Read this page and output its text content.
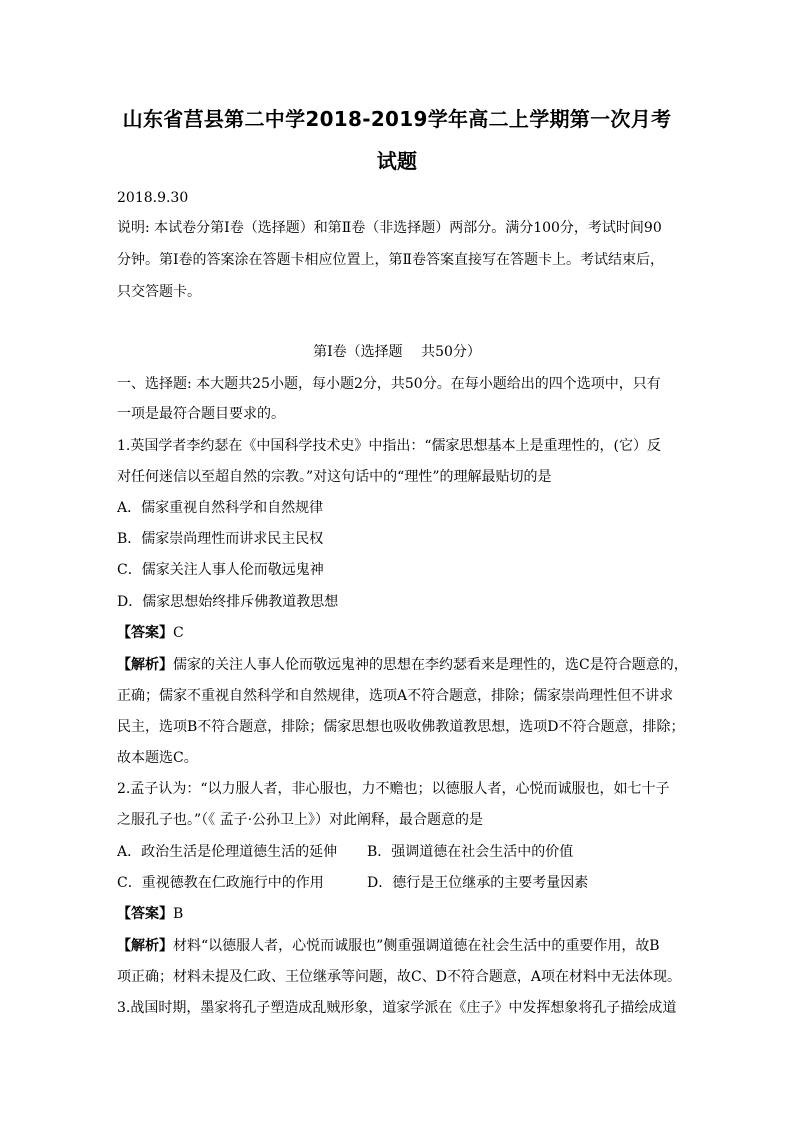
山东省莒县第二中学2018-2019学年高二上学期第一次月考
试题
2018.9.30
说明: 本试卷分第Ⅰ卷（选择题）和第Ⅱ卷（非选择题）两部分。满分100分，考试时间90
分钟。第Ⅰ卷的答案涂在答题卡相应位置上，第Ⅱ卷答案直接写在答题卡上。考试结束后，
只交答题卡。
第Ⅰ卷（选择题　 共50分）
一、选择题: 本大题共25小题，每小题2分，共50分。在每小题给出的四个选项中，只有
一项是最符合题目要求的。
1.英国学者李约瑟在《中国科学技术史》中指出：“儒家思想基本上是重理性的，(它）反
对任何迷信以至超自然的宗教。”对这句话中的“理性”的理解最贴切的是
A．儒家重视自然科学和自然规律
B．儒家崇尚理性而讲求民主民权
C．儒家关注人事人伦而敬远鬼神
D．儒家思想始终排斥佛教道教思想
【答案】C
【解析】儒家的关注人事人伦而敬远鬼神的思想在李约瑟看来是理性的，选C是符合题意的，
正确；儒家不重视自然科学和自然规律，选项A不符合题意，排除；儒家崇尚理性但不讲求
民主，选项B不符合题意，排除；儒家思想也吸收佛教道教思想，选项D不符合题意，排除；
故本题选C。
2.孟子认为：“以力服人者，非心服也，力不赡也；以德服人者，心悦而诚服也，如七十子
之服孔子也。”（《 孟子·公孙卫上》）对此阐释，最合题意的是
A．政治生活是伦理道德生活的延伸 B．强调道德在社会生活中的价值
C．重视德教在仁政施行中的作用	D．德行是王位继承的主要考量因素
【答案】B
【解析】材料“以德服人者，心悦而诚服也”侧重强调道德在社会生活中的重要作用，故B
项正确；材料未提及仁政、王位继承等问题，故C、D不符合题意，A项在材料中无法体现。
3.战国时期，墨家将孔子塑造成乱贼形象，道家学派在《庄子》中发挥想象将孔子描绘成道
